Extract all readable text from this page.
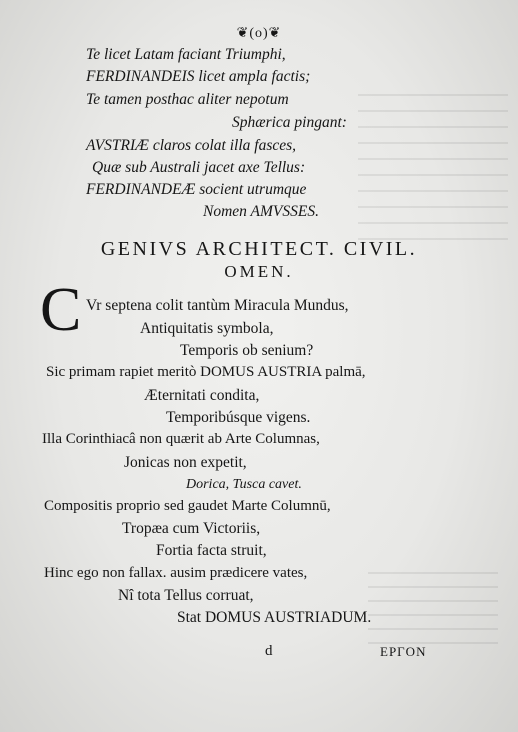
❦(o)❦
Te licet Latam faciant Triumphi,
FERDINANDEIS licet ampla factis;
Te tamen posthac aliter nepotum
Sphærica pingant:
AVSTRIÆ claros colat illa fasces,
Quæ sub Australi jacet axe Tellus:
FERDINANDEÆ socient utrumque
Nomen AMVSSES.
GENIVS ARCHITECT. CIVIL.
OMEN.
C Vr septena colit tantùm Miracula Mundus,
Antiquitatis symbola,
Temporis ob senium?
Sic primam rapiet meritò DOMUS AUSTRIA palmā,
Æternitati condita,
Temporibúsque vigens.
Illa Corinthiacâ non quærit ab Arte Columnas,
Jonicas non expetit,
Dorica, Tusca cavet.
Compositis proprio sed gaudet Marte Columnū,
Tropæa cum Victoriis,
Fortia facta struit,
Hinc ego non fallax. ausim prædicere vates,
Nî tota Tellus corruat,
Stat DOMUS AUSTRIADUM.
d	EPΓON
